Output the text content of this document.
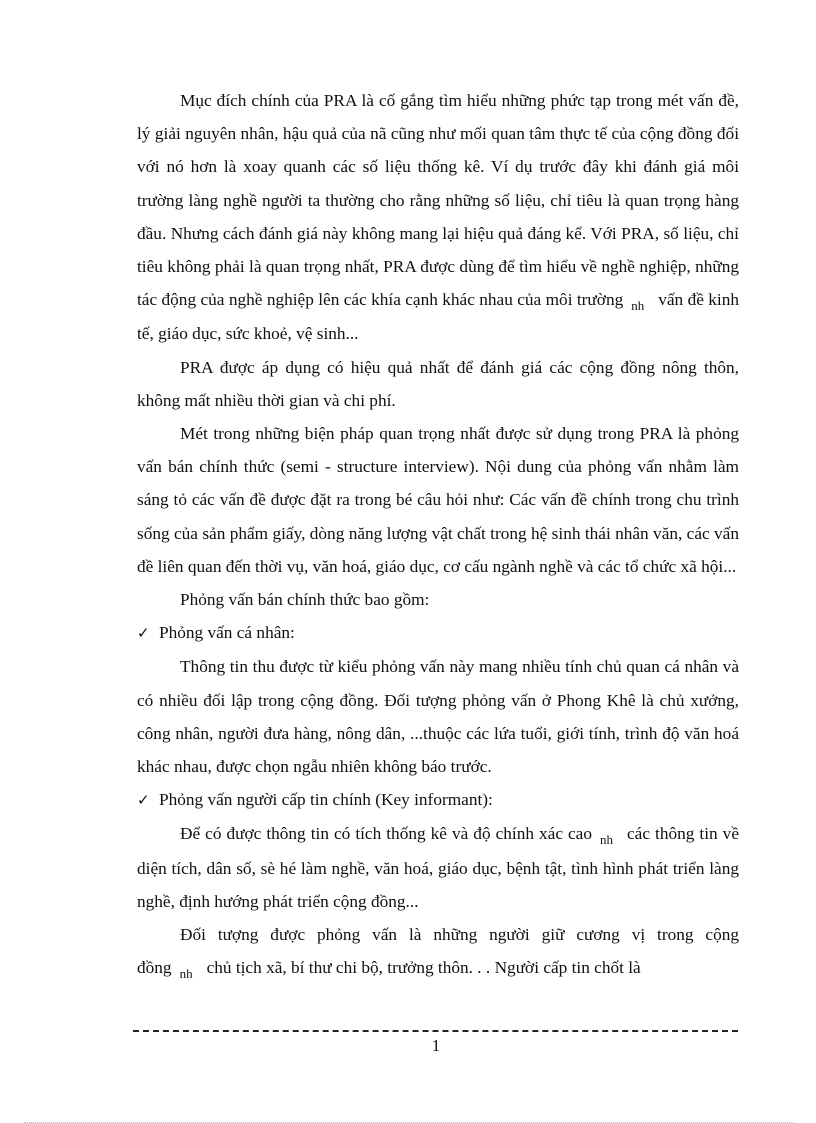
Mục đích chính của PRA là cố gắng tìm hiểu những phức tạp trong mét vấn đề, lý giải nguyên nhân, hậu quả của nã cũng như mối quan tâm thực tế của cộng đồng đối với nó hơn là xoay quanh các số liệu thống kê. Ví dụ trước đây khi đánh giá môi trường làng nghề người ta thường cho rằng những số liệu, chỉ tiêu là quan trọng hàng đầu. Nhưng cách đánh giá này không mang lại hiệu quả đáng kể. Với PRA, số liệu, chỉ tiêu không phải là quan trọng nhất, PRA được dùng để tìm hiểu về nghề nghiệp, những tác động của nghề nghiệp lên các khía cạnh khác nhau của môi trường $_{nh}$ vấn đề kinh tế, giáo dục, sức khoẻ, vệ sinh...

PRA được áp dụng có hiệu quả nhất để đánh giá các cộng đồng nông thôn, không mất nhiều thời gian và chi phí.

Mét trong những biện pháp quan trọng nhất được sử dụng trong PRA là phỏng vấn bán chính thức (semi - structure interview). Nội dung của phỏng vấn nhằm làm sáng tỏ các vấn đề được đặt ra trong bé câu hỏi như: Các vấn đề chính trong chu trình sống của sản phẩm giấy, dòng năng lượng vật chất trong hệ sinh thái nhân văn, các vấn đề liên quan đến thời vụ, văn hoá, giáo dục, cơ cấu ngành nghề và các tổ chức xã hội...

Phỏng vấn bán chính thức bao gồm:

✓ Phỏng vấn cá nhân:

Thông tin thu được từ kiểu phỏng vấn này mang nhiều tính chủ quan cá nhân và có nhiều đối lập trong cộng đồng. Đối tượng phỏng vấn ở Phong Khê là chủ xưởng, công nhân, người đưa hàng, nông dân, ...thuộc các lứa tuổi, giới tính, trình độ văn hoá khác nhau, được chọn ngẫu nhiên không báo trước.

✓ Phỏng vấn người cấp tin chính (Key informant):

Để có được thông tin có tích thống kê và độ chính xác cao $_{nh}$ các thông tin về diện tích, dân số, sè hé làm nghề, văn hoá, giáo dục, bệnh tật, tình hình phát triển làng nghề, định hướng phát triển cộng đồng...

Đối tượng được phỏng vấn là những người giữ cương vị trong cộng đồng $_{nh}$ chủ tịch xã, bí thư chi bộ, trưởng thôn. . . Người cấp tin chốt là

1
